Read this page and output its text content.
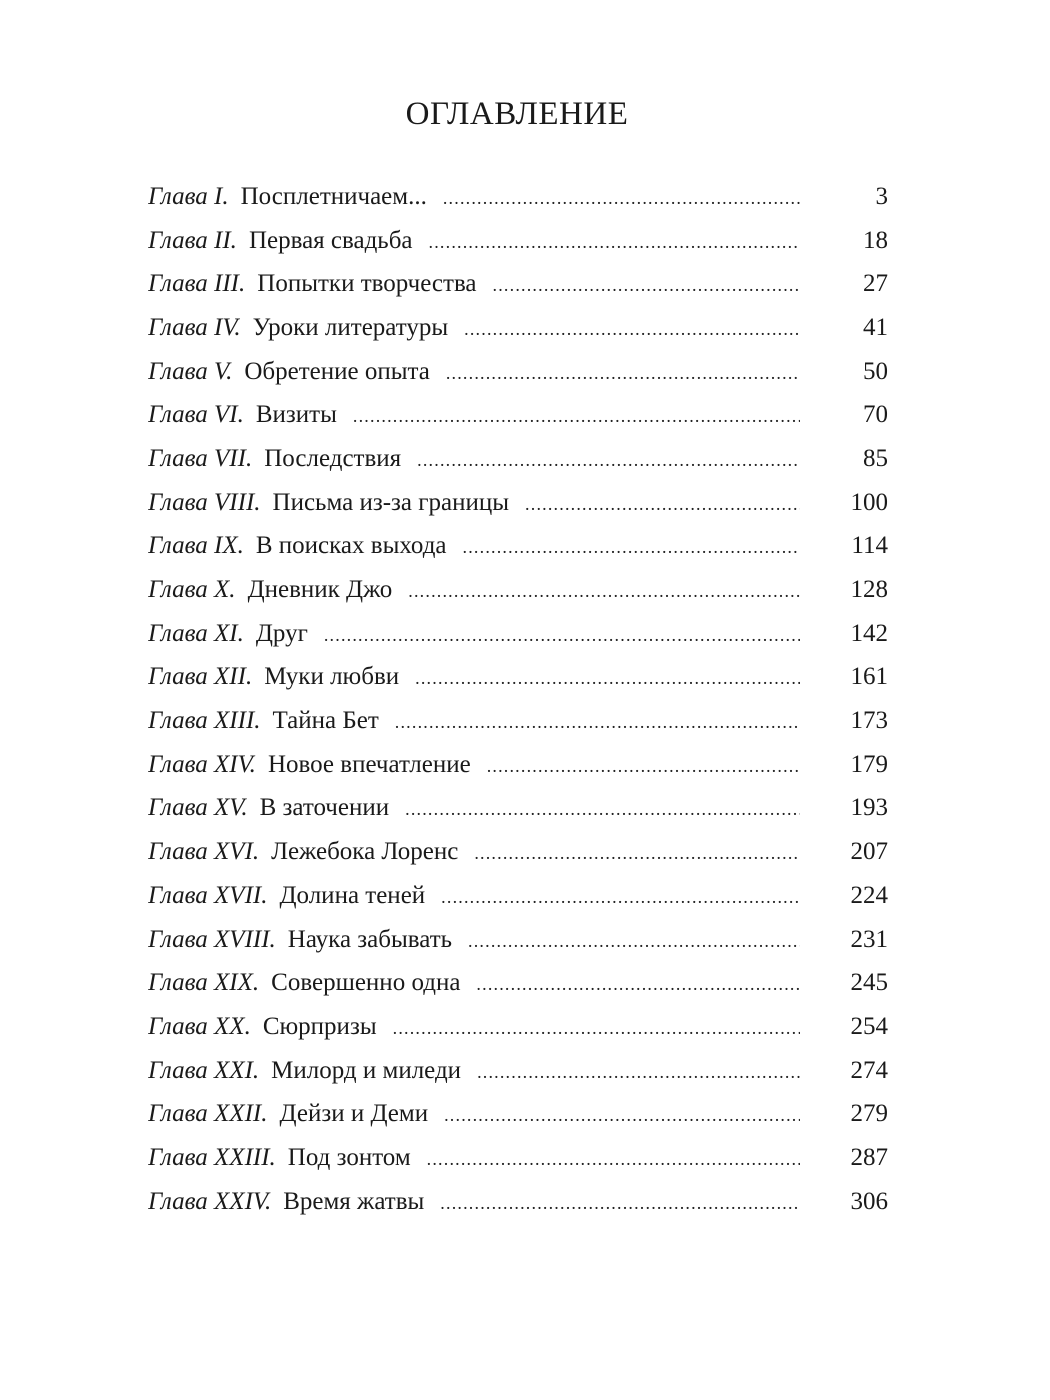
ОГЛАВЛЕНИЕ
Глава I. Посплетничаем... .....	3
Глава II. Первая свадьба .....	18
Глава III. Попытки творчества .....	27
Глава IV. Уроки литературы .....	41
Глава V. Обретение опыта .....	50
Глава VI. Визиты .....	70
Глава VII. Последствия .....	85
Глава VIII. Письма из-за границы .....	100
Глава IX. В поисках выхода .....	114
Глава X. Дневник Джо .....	128
Глава XI. Друг .....	142
Глава XII. Муки любви .....	161
Глава XIII. Тайна Бет .....	173
Глава XIV. Новое впечатление .....	179
Глава XV. В заточении .....	193
Глава XVI. Лежебока Лоренс .....	207
Глава XVII. Долина теней .....	224
Глава XVIII. Наука забывать .....	231
Глава XIX. Совершенно одна .....	245
Глава XX. Сюрпризы .....	254
Глава XXI. Милорд и миледи .....	274
Глава XXII. Дейзи и Деми .....	279
Глава XXIII. Под зонтом .....	287
Глава XXIV. Время жатвы .....	306
